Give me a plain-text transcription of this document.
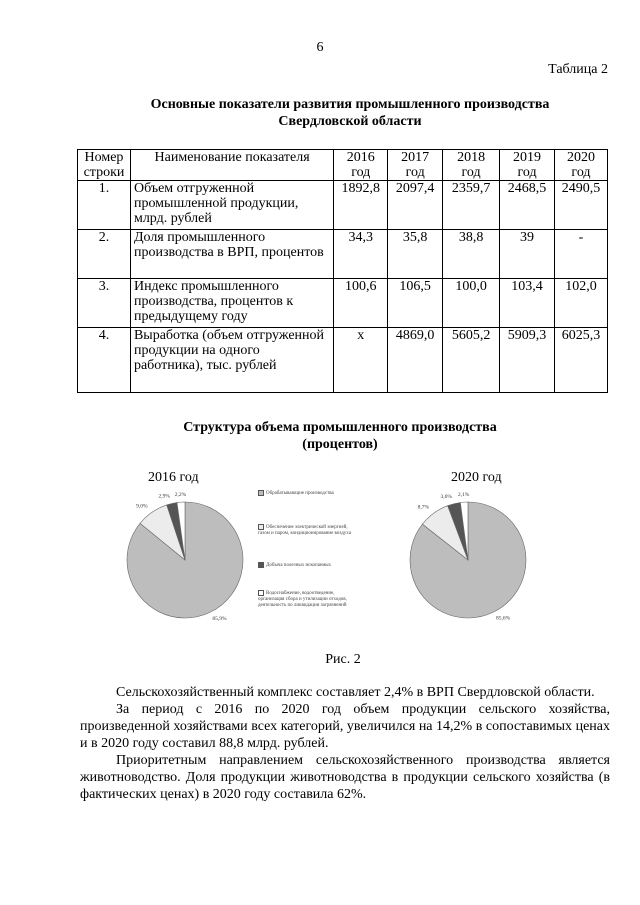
6
Таблица 2
Основные показатели развития промышленного производства
Свердловской области
Номер строки	Наименование показателя	2016 год	2017 год	2018 год	2019 год	2020 год
1.	Объем отгруженной промышленной продукции, млрд. рублей	1892,8	2097,4	2359,7	2468,5	2490,5
2.	Доля промышленного производства в ВРП, процентов	34,3	35,8	38,8	39	-
3.	Индекс промышленного производства, процентов к предыдущему году	100,6	106,5	100,0	103,4	102,0
4.	Выработка (объем отгруженной продукции на одного работника), тыс. рублей	x	4869,0	5605,2	5909,3	6025,3
Структура объема промышленного производства
(процентов)
2016 год	2020 год
85,9%
9,0%
2,9% 2,2%
85,6%
8,7%
3,6% 2,1%
Обрабатывающие производства
Обеспечение электрической энергией, газом и паром, кондиционирование воздуха
Добыча полезных ископаемых
Водоснабжение, водоотведение, организация сбора и утилизации отходов, деятельность по ликвидации загрязнений
Рис. 2

Сельскохозяйственный комплекс составляет 2,4% в ВРП Свердловской области.

За период с 2016 по 2020 год объем продукции сельского хозяйства, произведенной хозяйствами всех категорий, увеличился на 14,2% в сопоставимых ценах и в 2020 году составил 88,8 млрд. рублей.

Приоритетным направлением сельскохозяйственного производства является животноводство. Доля продукции животноводства в продукции сельского хозяйства (в фактических ценах) в 2020 году составила 62%.
